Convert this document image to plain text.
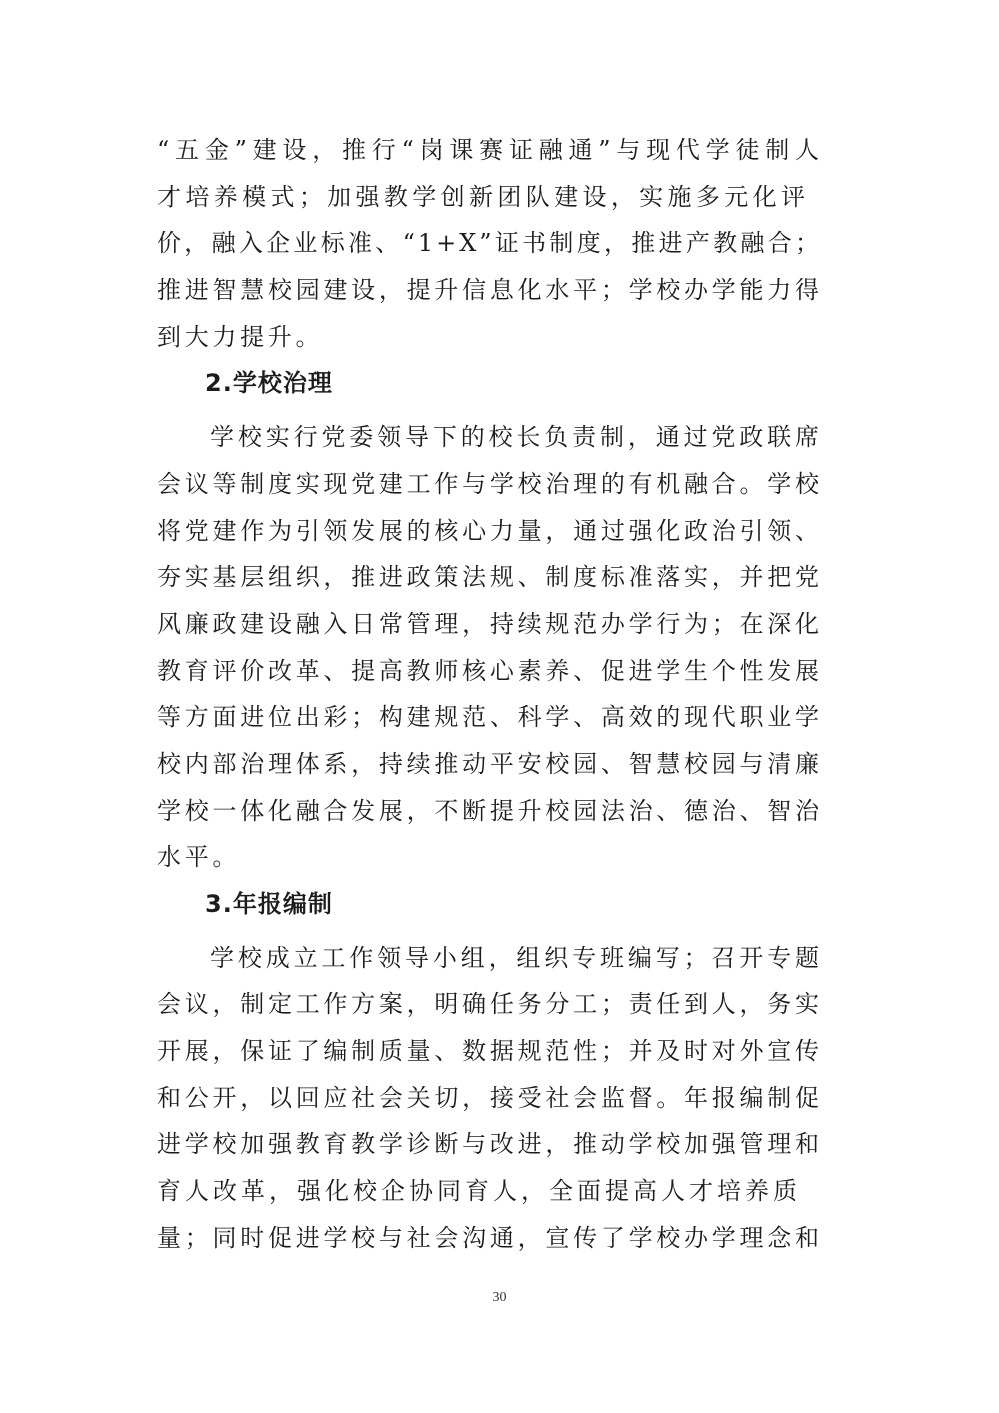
“五金”建设，推行“岗课赛证融通”与现代学徒制人
才培养模式；加强教学创新团队建设，实施多元化评
价，融入企业标准、“1+X”证书制度，推进产教融合；
推进智慧校园建设，提升信息化水平；学校办学能力得
到大力提升。
2.学校治理
学校实行党委领导下的校长负责制，通过党政联席
会议等制度实现党建工作与学校治理的有机融合。学校
将党建作为引领发展的核心力量，通过强化政治引领、
夯实基层组织，推进政策法规、制度标准落实，并把党
风廉政建设融入日常管理，持续规范办学行为；在深化
教育评价改革、提高教师核心素养、促进学生个性发展
等方面进位出彩；构建规范、科学、高效的现代职业学
校内部治理体系，持续推动平安校园、智慧校园与清廉
学校一体化融合发展，不断提升校园法治、德治、智治
水平。
3.年报编制
学校成立工作领导小组，组织专班编写；召开专题
会议，制定工作方案，明确任务分工；责任到人，务实
开展，保证了编制质量、数据规范性；并及时对外宣传
和公开，以回应社会关切，接受社会监督。年报编制促
进学校加强教育教学诊断与改进，推动学校加强管理和
育人改革，强化校企协同育人，全面提高人才培养质
量；同时促进学校与社会沟通，宣传了学校办学理念和
30
